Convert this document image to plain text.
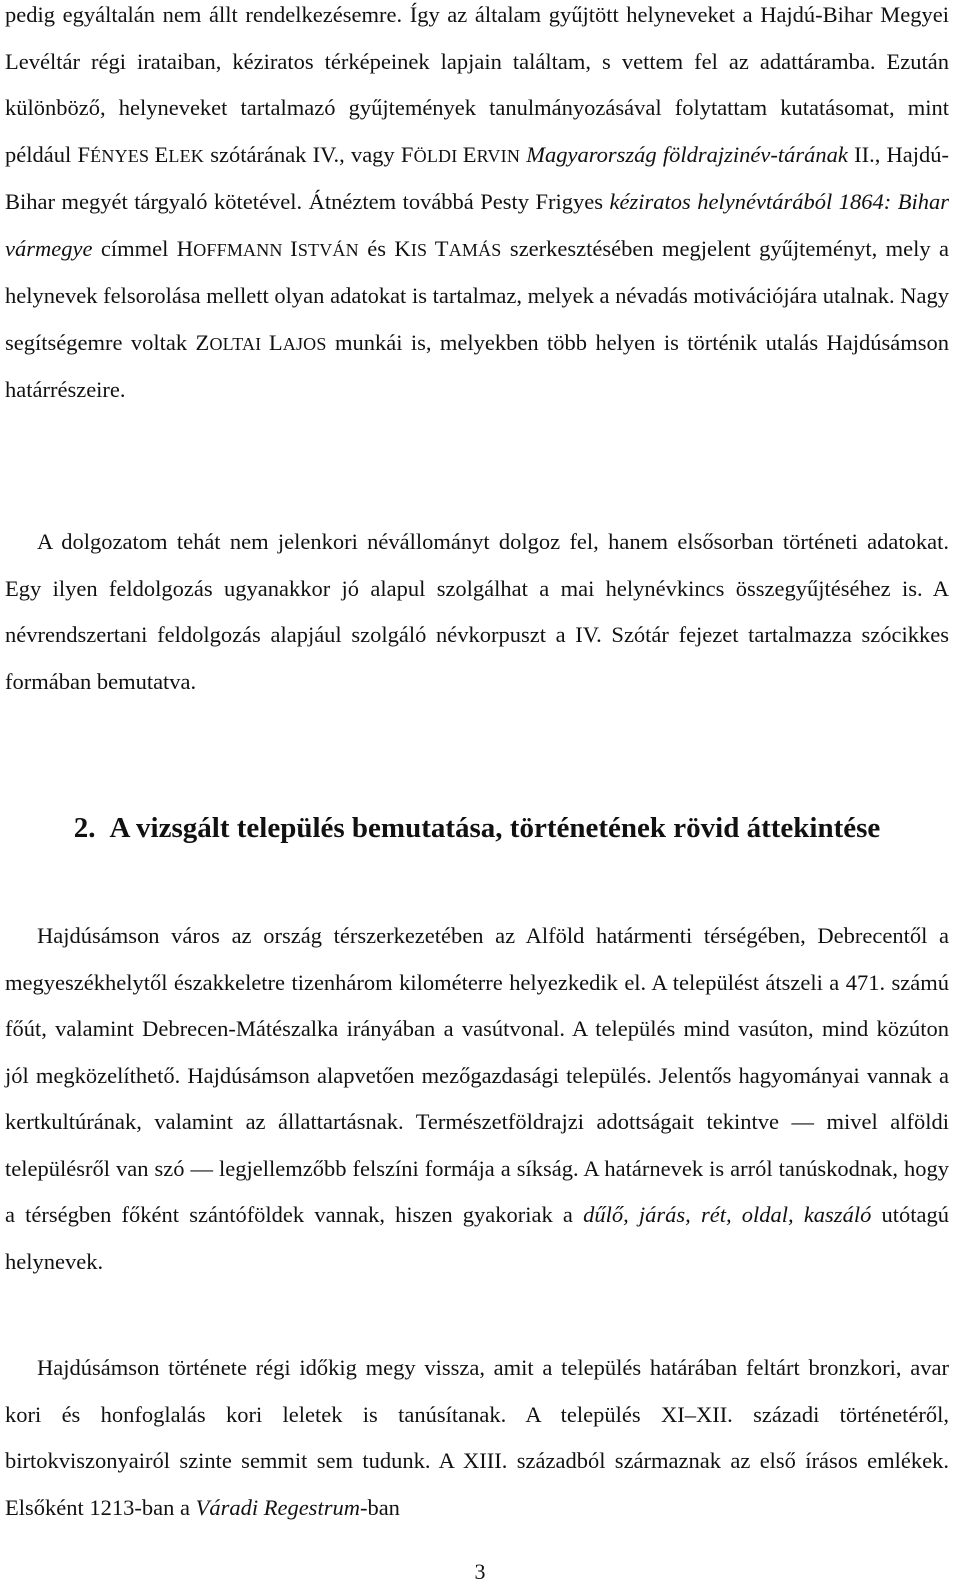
pedig egyáltalán nem állt rendelkezésemre. Így az általam gyűjtött helyneveket a Hajdú-Bihar Megyei Levéltár régi irataiban, kéziratos térképeinek lapjain találtam, s vettem fel az adattáramba. Ezután különböző, helyneveket tartalmazó gyűjtemények tanulmányozásával folytattam kutatásomat, mint például FÉNYES ELEK szótárának IV., vagy FÖLDI ERVIN Magyarország földrajzinév-tárának II., Hajdú-Bihar megyét tárgyaló kötetével. Átnéztem továbbá Pesty Frigyes kéziratos helynévtárából 1864: Bihar vármegye címmel HOFFMANN ISTVÁN és KIS TAMÁS szerkesztésében megjelent gyűjteményt, mely a helynevek felsorolása mellett olyan adatokat is tartalmaz, melyek a névadás motivációjára utalnak. Nagy segítségemre voltak ZOLTAI LAJOS munkái is, melyekben több helyen is történik utalás Hajdúsámson határrészeire.

A dolgozatom tehát nem jelenkori névállományt dolgoz fel, hanem elsősorban történeti adatokat. Egy ilyen feldolgozás ugyanakkor jó alapul szolgálhat a mai helynévkincs összegyűjtéséhez is. A névrendszertani feldolgozás alapjául szolgáló névkorpuszt a IV. Szótár fejezet tartalmazza szócikkes formában bemutatva.

2. A vizsgált település bemutatása, történetének rövid áttekintése

Hajdúsámson város az ország térszerkezetében az Alföld határmenti térségében, Debrecentől a megyeszékhelytől északkeletre tizenhárom kilométerre helyezkedik el. A települést átszeli a 471. számú főút, valamint Debrecen-Mátészalka irányában a vasútvonal. A település mind vasúton, mind közúton jól megközelíthető. Hajdúsámson alapvetően mezőgazdasági település. Jelentős hagyományai vannak a kertkultúrának, valamint az állattartásnak. Természetföldrajzi adottságait tekintve — mivel alföldi településről van szó — legjellemzőbb felszíni formája a síkság. A határnevek is arról tanúskodnak, hogy a térségben főként szántóföldek vannak, hiszen gyakoriak a dűlő, járás, rét, oldal, kaszáló utótagú helynevek.

Hajdúsámson története régi időkig megy vissza, amit a település határában feltárt bronzkori, avar kori és honfoglalás kori leletek is tanúsítanak. A település XI–XII. századi történetéről, birtokviszonyairól szinte semmit sem tudunk. A XIII. századból származnak az első írásos emlékek. Elsőként 1213-ban a Váradi Regestrum-ban

3
